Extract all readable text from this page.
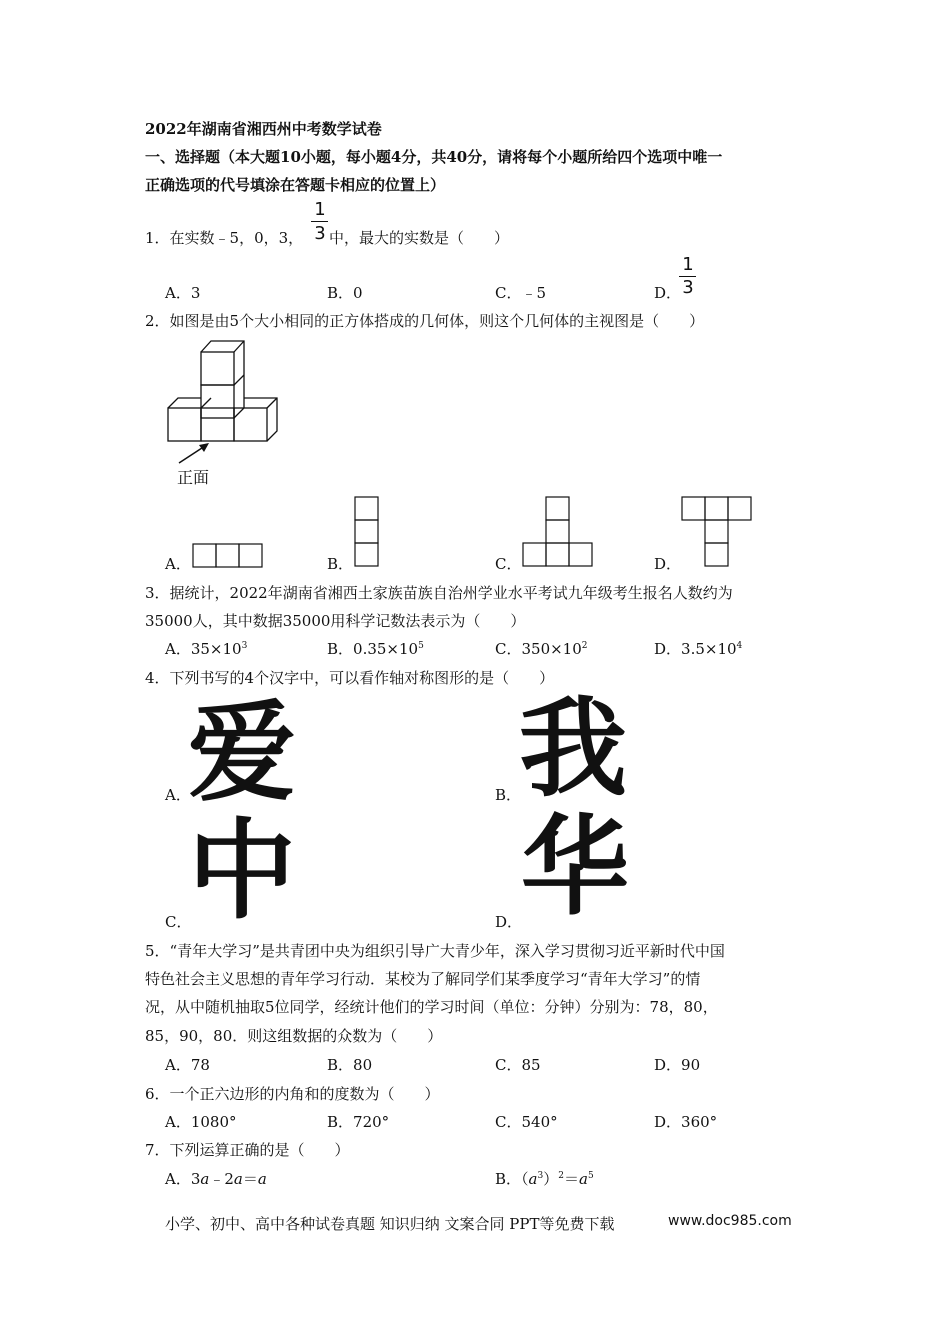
2022年湖南省湘西州中考数学试卷
一、选择题（本大题10小题，每小题4分，共40分，请将每个小题所给四个选项中唯一
正确选项的代号填涂在答题卡相应的位置上）
1．在实数﹣5，0，3，
1
3 中，最大的实数是（　　）
A．3	B．0	C．﹣5	D．
1
3
2．如图是由5个大小相同的正方体搭成的几何体，则这个几何体的主视图是（　　）
正面
A．	B．	C．	D．
3．据统计，2022年湖南省湘西土家族苗族自治州学业水平考试九年级考生报名人数约为
35000人，其中数据35000用科学记数法表示为（　　）
A．$35\times 10^3$	B．$0.35\times 10^5$	C．$350\times 10^2$	D．$3.5\times 10^4$
4．下列书写的4个汉字中，可以看作轴对称图形的是（　　）
A．
爱	B．
我
C．
中	D．
华
5．“青年大学习”是共青团中央为组织引导广大青少年，深入学习贯彻习近平新时代中国
特色社会主义思想的青年学习行动．某校为了解同学们某季度学习“青年大学习”的情
况，从中随机抽取5位同学，经统计他们的学习时间（单位：分钟）分别为：78，80，
85，90，80．则这组数据的众数为（　　）
A．78	B．80	C．85	D．90
6．一个正六边形的内角和的度数为（　　）
A．1080°	B．720°	C．540°	D．360°
7．下列运算正确的是（　　）
A．3a﹣2a＝a	B．$(a^3)^2=a^5$
小学、初中、高中各种试卷真题 知识归纳 文案合同 PPT等免费下载	www.doc985.com
